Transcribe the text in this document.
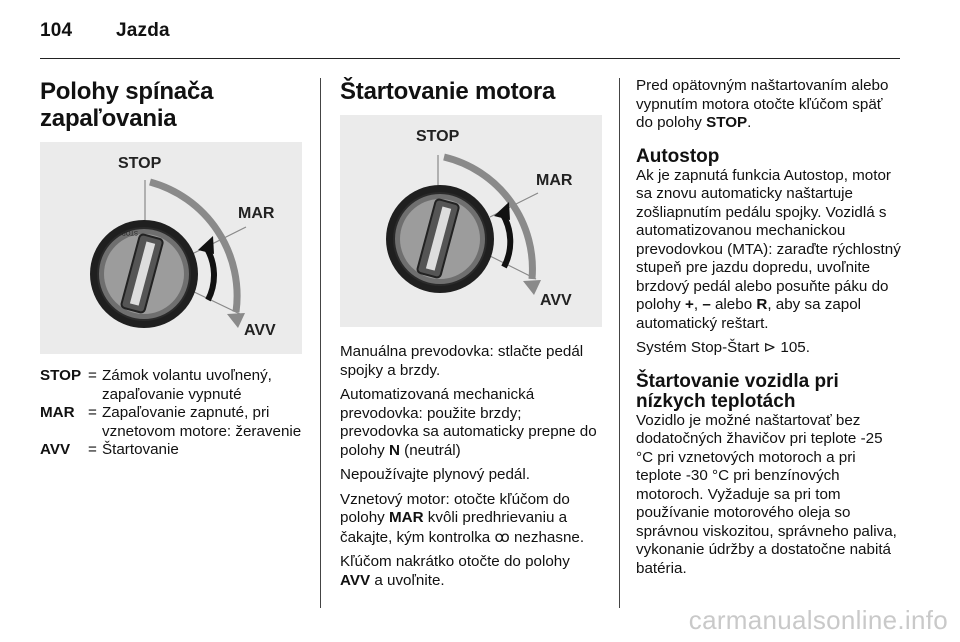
104 Jazda
Polohy spínača
zapaľovania
STOP
STOP
MAR
AVV
STOP = Zámok volantu uvoľnený, zapaľovanie vypnuté
MAR = Zapaľovanie zapnuté, pri vznetovom motore: žeravenie
AVV	= Štartovanie
Štartovanie motora
STOP
MAR
AVV

Manuálna prevodovka: stlačte pedál spojky a brzdy.

Automatizovaná mechanická prevodovka: použite brzdy;

prevodovka sa automaticky prepne do polohy N (neutrál)

Nepoužívajte plynový pedál.

Vznetový motor: otočte kľúčom do polohy MAR kvôli predhrievaniu a čakajte, kým kontrolka ꝏ nezhasne.

Kľúčom nakrátko otočte do polohy AVV a uvoľnite.

Pred opätovným naštartovaním alebo vypnutím motora otočte kľúčom späť do polohy STOP.

Autostop

Ak je zapnutá funkcia Autostop, motor sa znovu automaticky naštartuje zošliapnutím pedálu spojky. Vozidlá s automatizovanou mechanickou prevodovkou (MTA): zaraďte rýchlostný stupeň pre jazdu dopredu, uvoľnite brzdový pedál alebo posuňte páku do polohy +, – alebo R, aby sa zapol automatický reštart.

Systém Stop-Štart ⊳ 105.

Štartovanie vozidla pri nízkych teplotách

Vozidlo je možné naštartovať bez dodatočných žhavičov pri teplote -25 °C pri vznetových motoroch a pri teplote -30 °C pri benzínových motoroch. Vyžaduje sa pri tom používanie motorového oleja so správnou viskozitou, správneho paliva, vykonanie údržby a dostatočne nabitá batéria.

carmanualsonline.info
